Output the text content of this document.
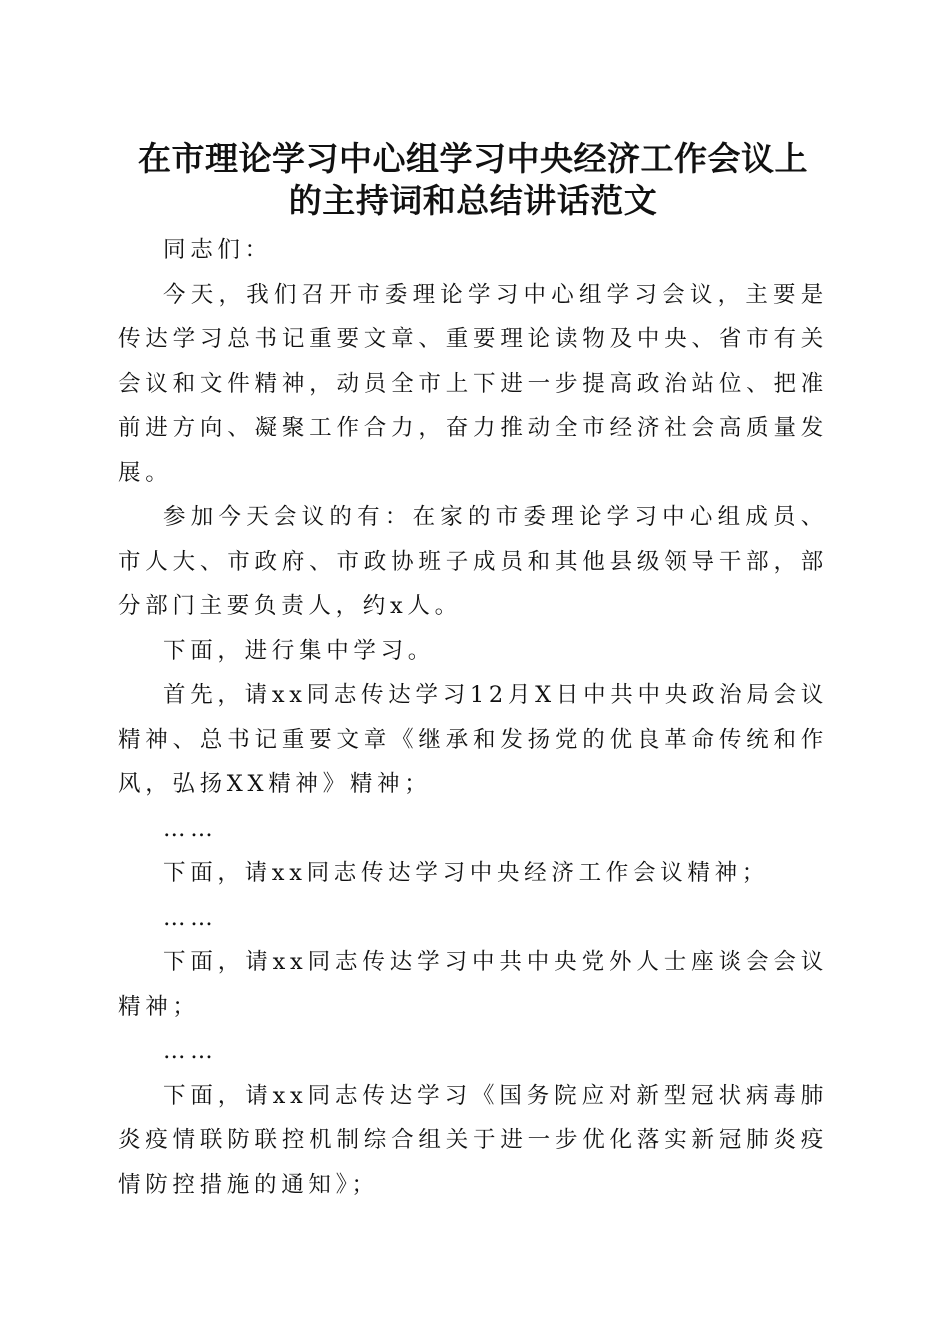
在市理论学习中心组学习中央经济工作会议上
的主持词和总结讲话范文

同志们：

今天，我们召开市委理论学习中心组学习会议，主要是传达学习总书记重要文章、重要理论读物及中央、省市有关会议和文件精神，动员全市上下进一步提高政治站位、把准前进方向、凝聚工作合力，奋力推动全市经济社会高质量发展。

参加今天会议的有：在家的市委理论学习中心组成员、市人大、市政府、市政协班子成员和其他县级领导干部，部分部门主要负责人，约x人。

下面，进行集中学习。

首先，请xx同志传达学习12月X日中共中央政治局会议精神、总书记重要文章《继承和发扬党的优良革命传统和作风，弘扬XX精神》精神；

……

下面，请xx同志传达学习中央经济工作会议精神；

……

下面，请xx同志传达学习中共中央党外人士座谈会会议精神；

……

下面，请xx同志传达学习《国务院应对新型冠状病毒肺炎疫情联防联控机制综合组关于进一步优化落实新冠肺炎疫情防控措施的通知》；
